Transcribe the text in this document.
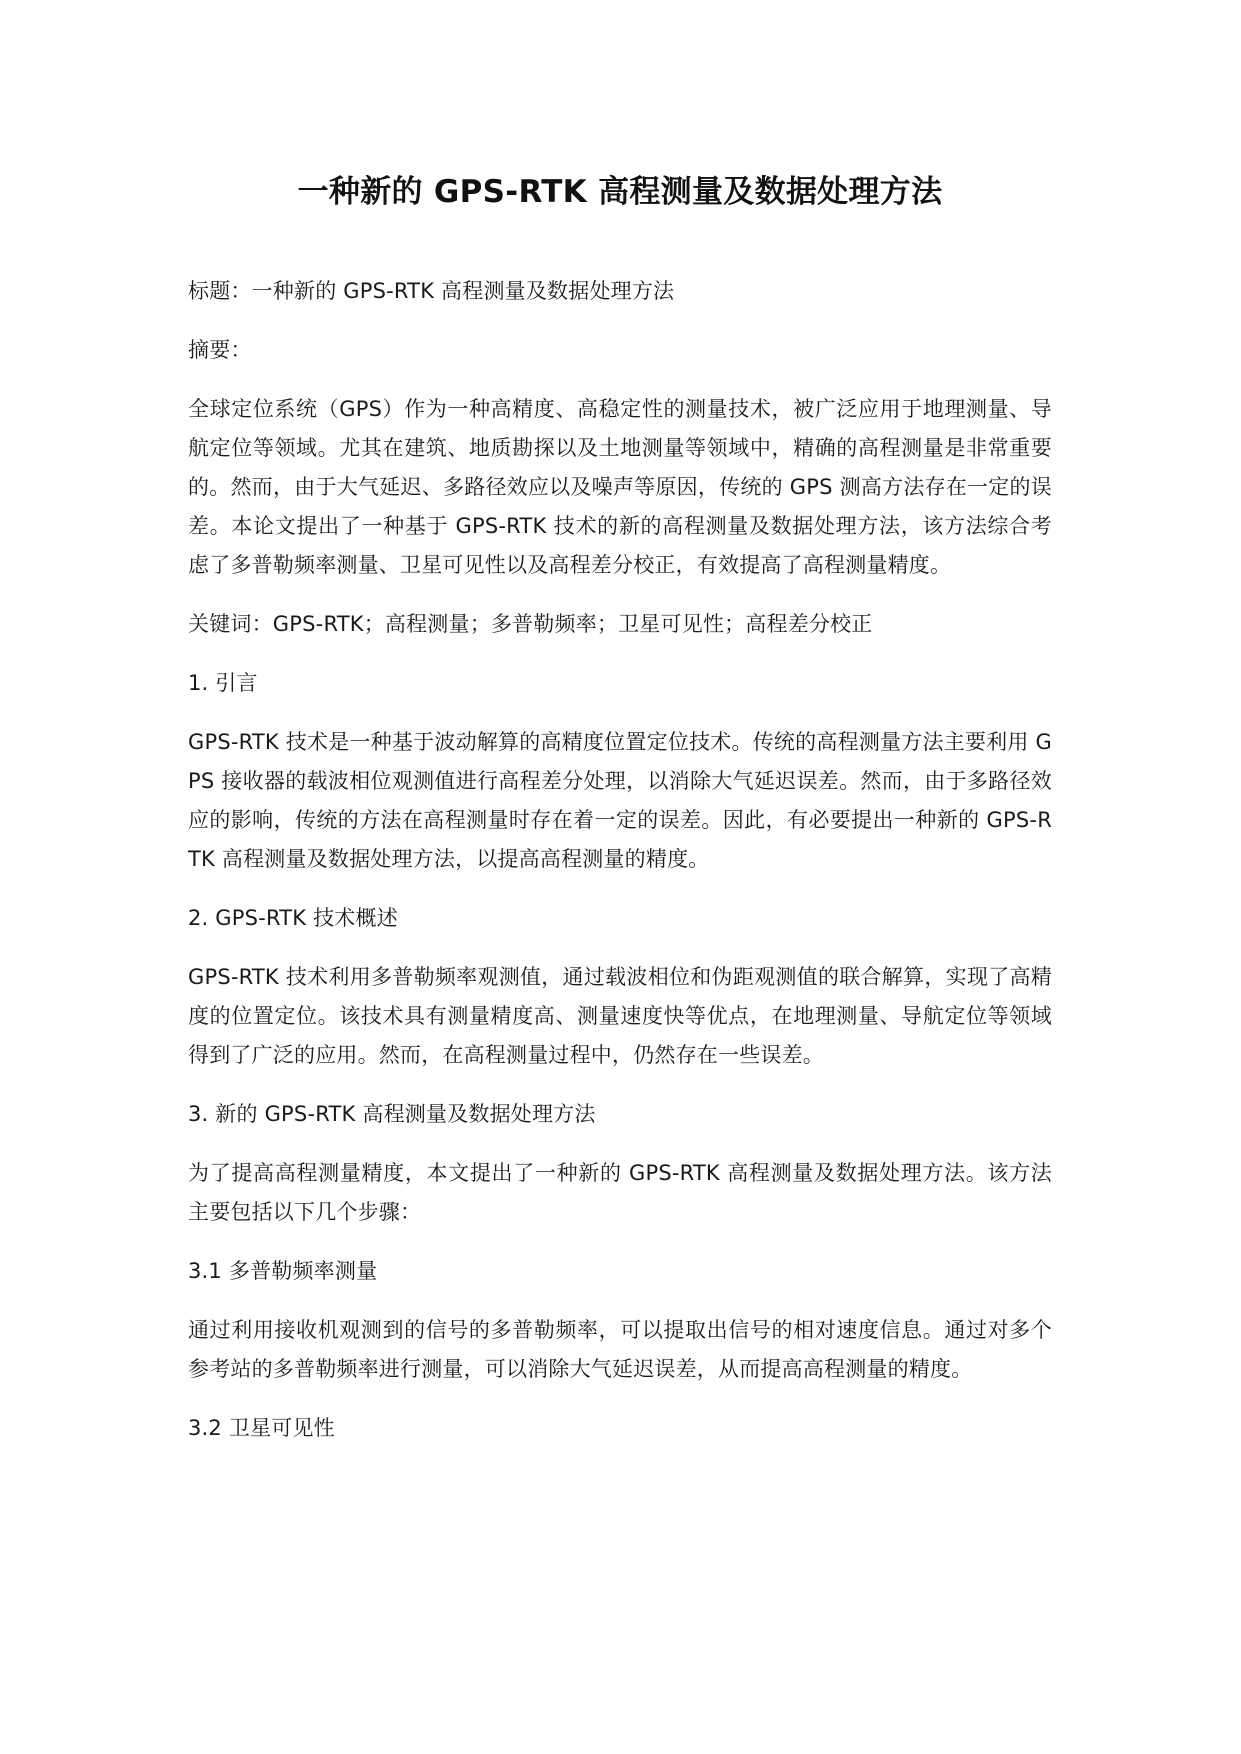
一种新的 GPS-RTK 高程测量及数据处理方法

标题：一种新的 GPS-RTK 高程测量及数据处理方法

摘要：

全球定位系统（GPS）作为一种高精度、高稳定性的测量技术，被广泛应用于地理测量、导航定位等领域。尤其在建筑、地质勘探以及土地测量等领域中，精确的高程测量是非常重要的。然而，由于大气延迟、多路径效应以及噪声等原因，传统的 GPS 测高方法存在一定的误差。本论文提出了一种基于 GPS-RTK 技术的新的高程测量及数据处理方法，该方法综合考虑了多普勒频率测量、卫星可见性以及高程差分校正，有效提高了高程测量精度。

关键词：GPS-RTK；高程测量；多普勒频率；卫星可见性；高程差分校正

1. 引言

GPS-RTK 技术是一种基于波动解算的高精度位置定位技术。传统的高程测量方法主要利用 GPS 接收器的载波相位观测值进行高程差分处理，以消除大气延迟误差。然而，由于多路径效应的影响，传统的方法在高程测量时存在着一定的误差。因此，有必要提出一种新的 GPS-RTK 高程测量及数据处理方法，以提高高程测量的精度。

2. GPS-RTK 技术概述

GPS-RTK 技术利用多普勒频率观测值，通过载波相位和伪距观测值的联合解算，实现了高精度的位置定位。该技术具有测量精度高、测量速度快等优点，在地理测量、导航定位等领域得到了广泛的应用。然而，在高程测量过程中，仍然存在一些误差。

3. 新的 GPS-RTK 高程测量及数据处理方法

为了提高高程测量精度，本文提出了一种新的 GPS-RTK 高程测量及数据处理方法。该方法主要包括以下几个步骤：

3.1 多普勒频率测量

通过利用接收机观测到的信号的多普勒频率，可以提取出信号的相对速度信息。通过对多个参考站的多普勒频率进行测量，可以消除大气延迟误差，从而提高高程测量的精度。

3.2 卫星可见性
